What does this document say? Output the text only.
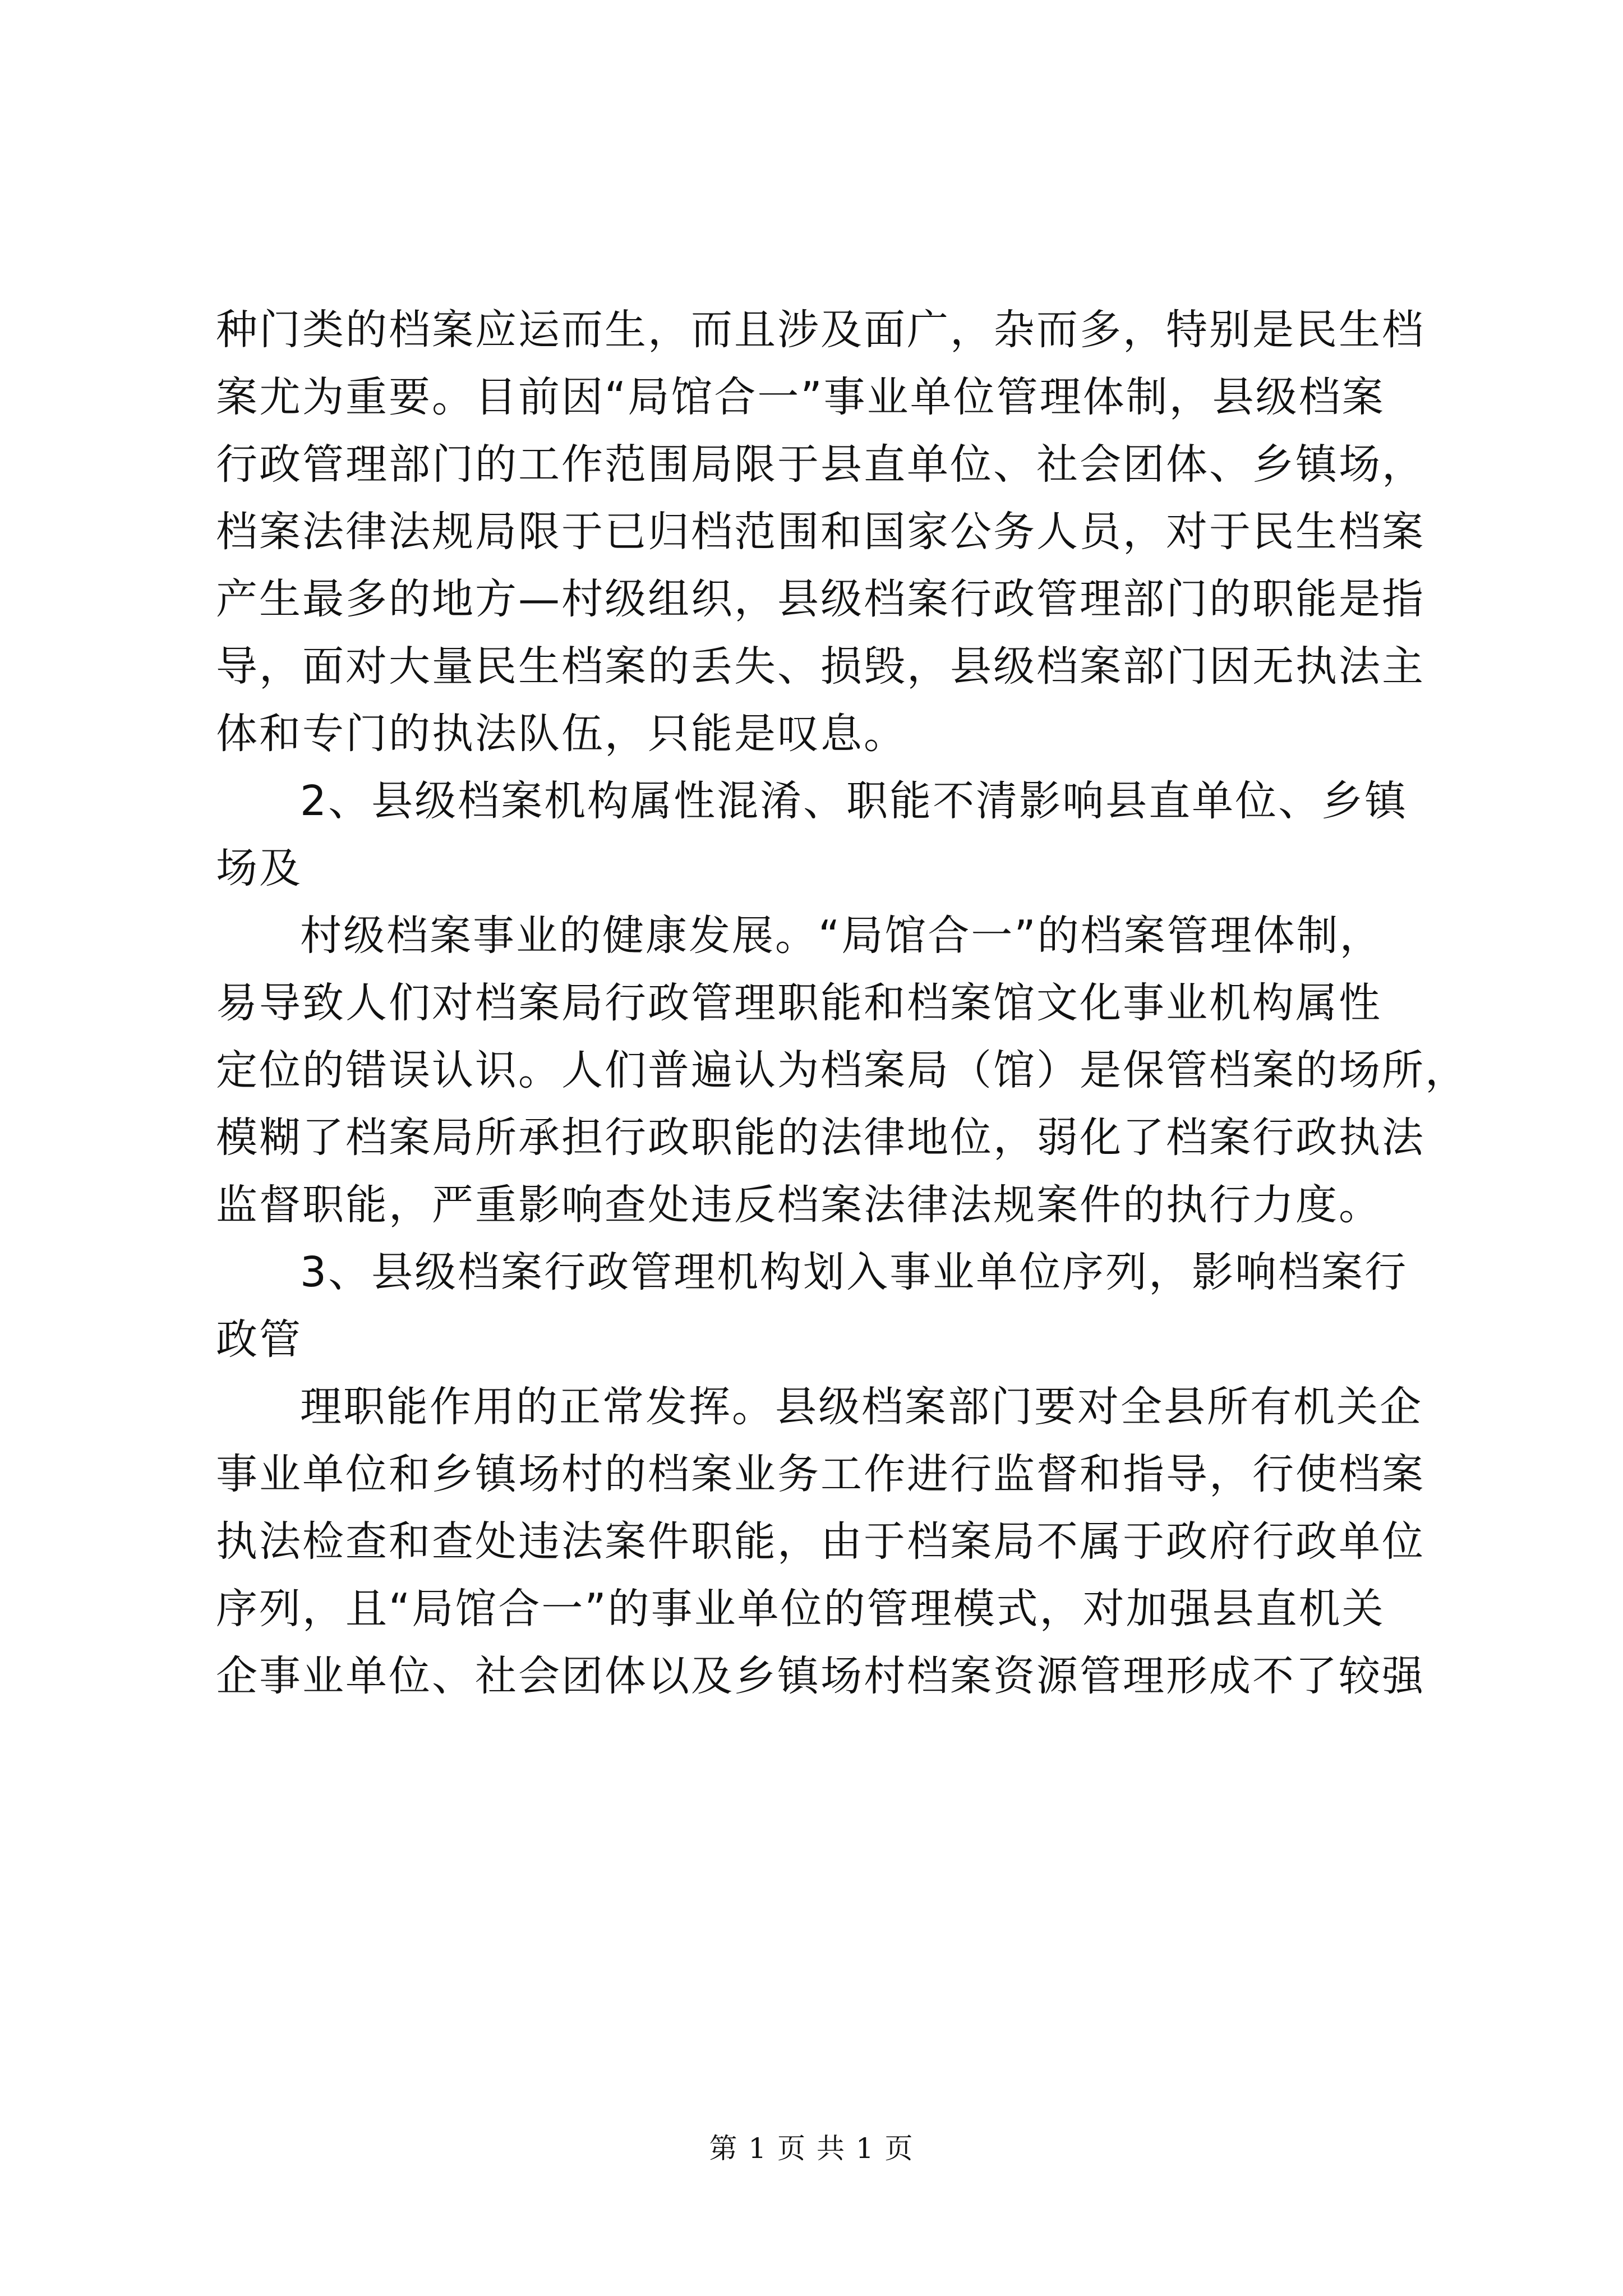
种门类的档案应运而生，而且涉及面广，杂而多，特别是民生档
案尤为重要。目前因“局馆合一”事业单位管理体制，县级档案
行政管理部门的工作范围局限于县直单位、社会团体、乡镇场，
档案法律法规局限于已归档范围和国家公务人员，对于民生档案
产生最多的地方—村级组织，县级档案行政管理部门的职能是指
导，面对大量民生档案的丢失、损毁，县级档案部门因无执法主
体和专门的执法队伍，只能是叹息。
2、县级档案机构属性混淆、职能不清影响县直单位、乡镇
场及
村级档案事业的健康发展。“局馆合一”的档案管理体制，
易导致人们对档案局行政管理职能和档案馆文化事业机构属性
定位的错误认识。人们普遍认为档案局（馆）是保管档案的场所，
模糊了档案局所承担行政职能的法律地位，弱化了档案行政执法
监督职能，严重影响查处违反档案法律法规案件的执行力度。
3、县级档案行政管理机构划入事业单位序列，影响档案行
政管
理职能作用的正常发挥。县级档案部门要对全县所有机关企
事业单位和乡镇场村的档案业务工作进行监督和指导，行使档案
执法检查和查处违法案件职能，由于档案局不属于政府行政单位
序列，且“局馆合一”的事业单位的管理模式，对加强县直机关
企事业单位、社会团体以及乡镇场村档案资源管理形成不了较强
第 1 页 共 1 页
